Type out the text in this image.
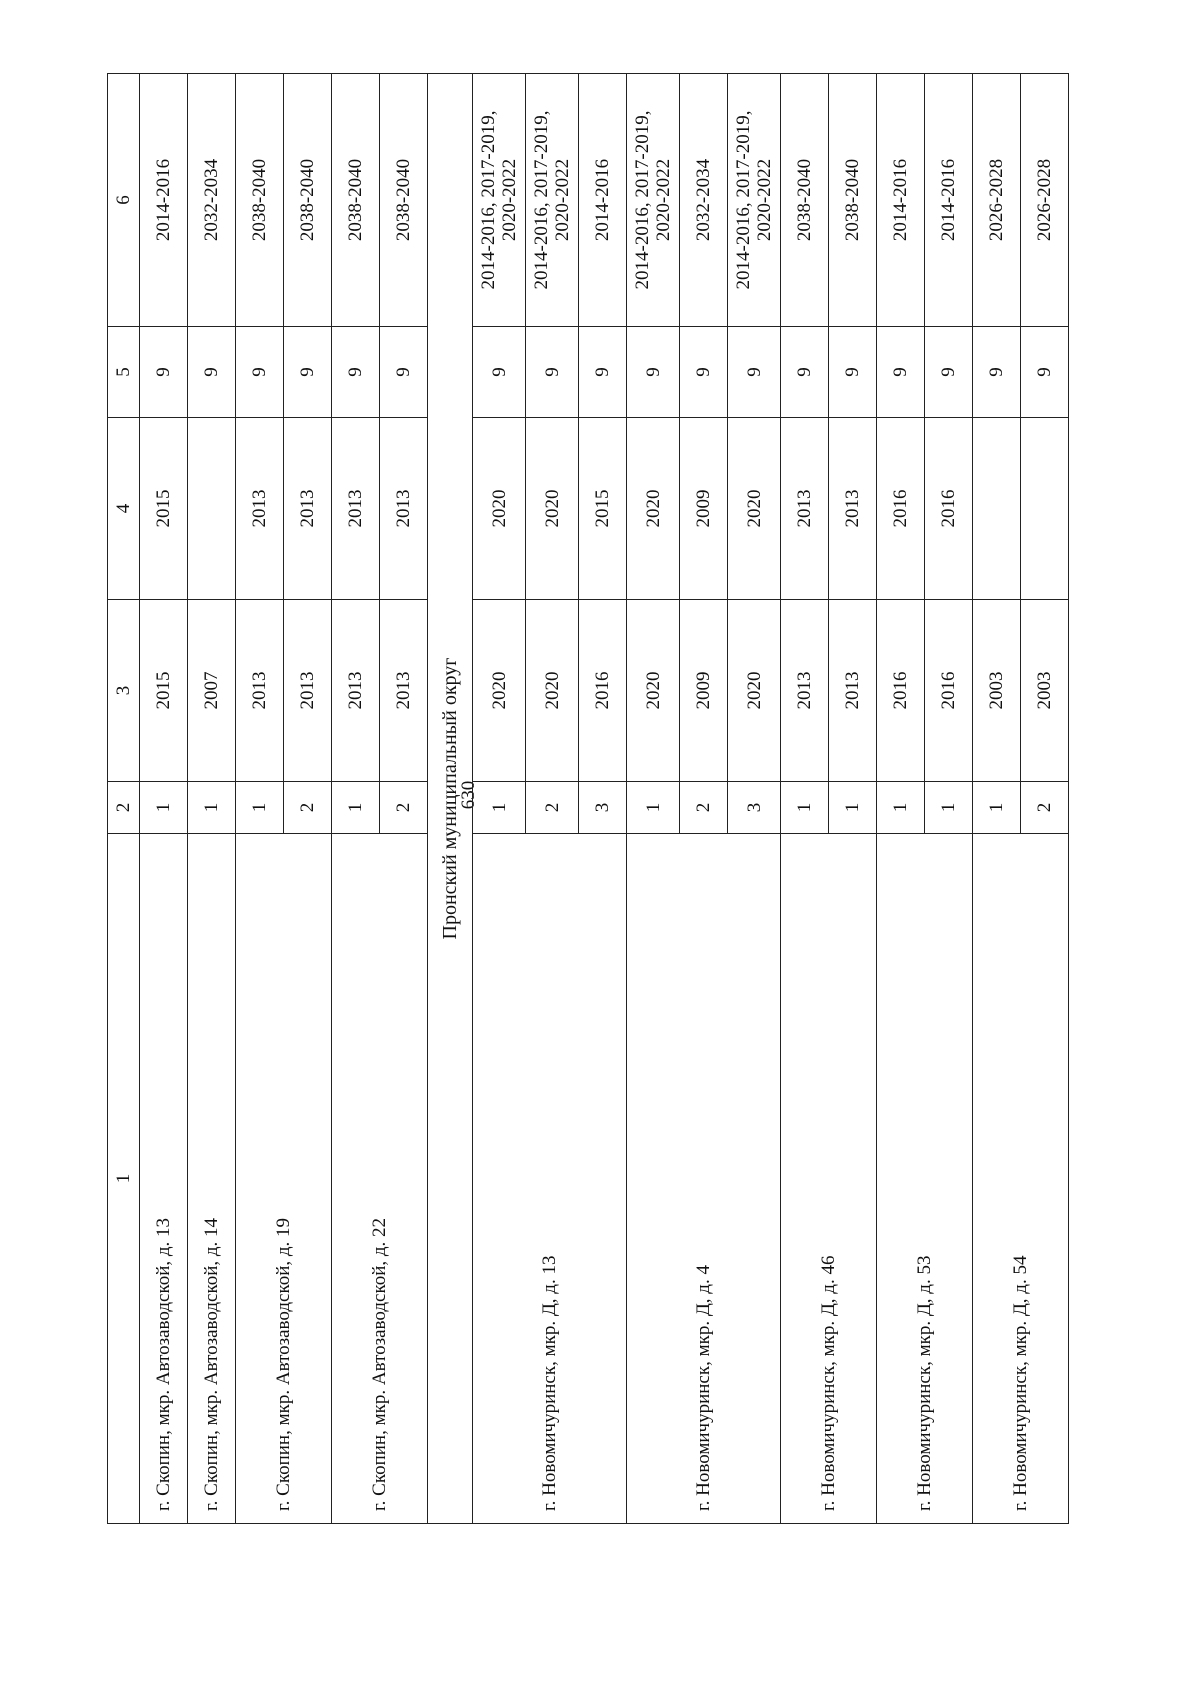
630
1	2	3	4	5	6
г. Скопин, мкр. Автозаводской, д. 13	1	2015	2015	9	2014-2016

г. Скопин, мкр. Автозаводской, д. 14	1	2007		9	2032-2034

г. Скопин, мкр. Автозаводской, д. 19	1	2013	2013	9	2038-2040

	2	2013	2013	9	2038-2040

г. Скопин, мкр. Автозаводской, д. 22	1	2013	2013	9	2038-2040

	2	2013	2013	9	2038-2040

Пронский муниципальный округ					
г. Новомичуринск, мкр. Д, д. 13	1	2020	2020	9	2014-2016, 2017-2019, 2020-2022

	2	2020	2020	9	2014-2016, 2017-2019, 2020-2022

	3	2016	2015	9	2014-2016

г. Новомичуринск, мкр. Д, д. 4	1	2020	2020	9	2014-2016, 2017-2019, 2020-2022

	2	2009	2009	9	2032-2034

	3	2020	2020	9	2014-2016, 2017-2019, 2020-2022

г. Новомичуринск, мкр. Д, д. 46	1	2013	2013	9	2038-2040

	1	2013	2013	9	2038-2040

г. Новомичуринск, мкр. Д, д. 53	1	2016	2016	9	2014-2016

	1	2016	2016	9	2014-2016

г. Новомичуринск, мкр. Д, д. 54	1	2003		9	2026-2028

	2	2003		9	2026-2028
